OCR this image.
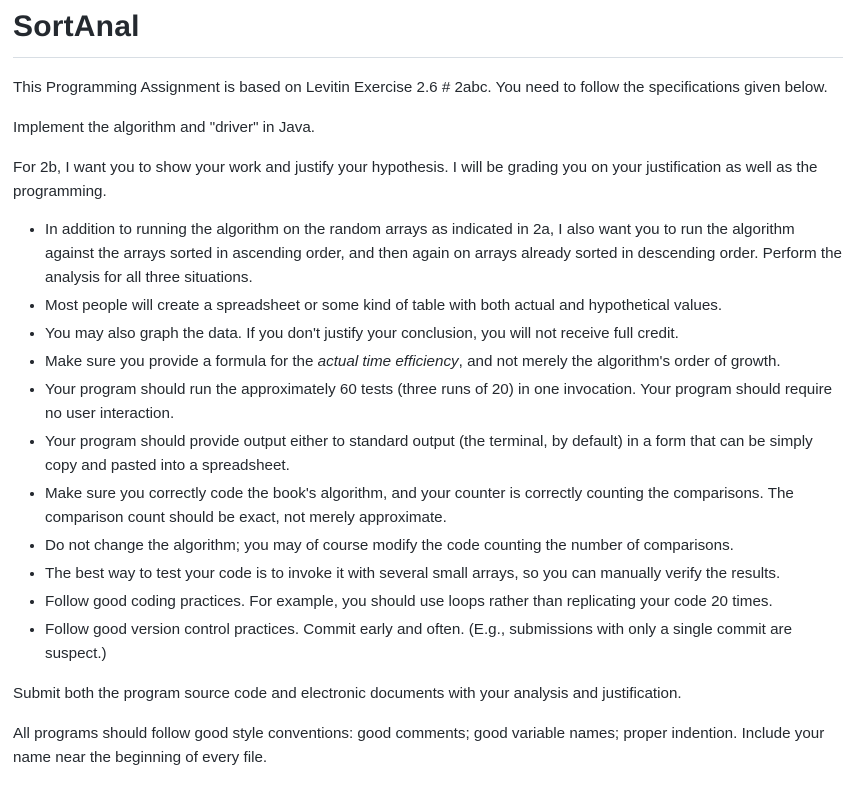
SortAnal

This Programming Assignment is based on Levitin Exercise 2.6 # 2abc. You need to follow the specifications given below.

Implement the algorithm and "driver" in Java.

For 2b, I want you to show your work and justify your hypothesis. I will be grading you on your justification as well as the programming.

• In addition to running the algorithm on the random arrays as indicated in 2a, I also want you to run the algorithm against the arrays sorted in ascending order, and then again on arrays already sorted in descending order. Perform the analysis for all three situations.
• Most people will create a spreadsheet or some kind of table with both actual and hypothetical values.
• You may also graph the data. If you don't justify your conclusion, you will not receive full credit.
• Make sure you provide a formula for the actual time efficiency, and not merely the algorithm's order of growth.
• Your program should run the approximately 60 tests (three runs of 20) in one invocation. Your program should require no user interaction.
• Your program should provide output either to standard output (the terminal, by default) in a form that can be simply copy and pasted into a spreadsheet.
• Make sure you correctly code the book's algorithm, and your counter is correctly counting the comparisons. The comparison count should be exact, not merely approximate.
• Do not change the algorithm; you may of course modify the code counting the number of comparisons.
• The best way to test your code is to invoke it with several small arrays, so you can manually verify the results.
• Follow good coding practices. For example, you should use loops rather than replicating your code 20 times.
• Follow good version control practices. Commit early and often. (E.g., submissions with only a single commit are suspect.)

Submit both the program source code and electronic documents with your analysis and justification.

All programs should follow good style conventions: good comments; good variable names; proper indention. Include your name near the beginning of every file.
